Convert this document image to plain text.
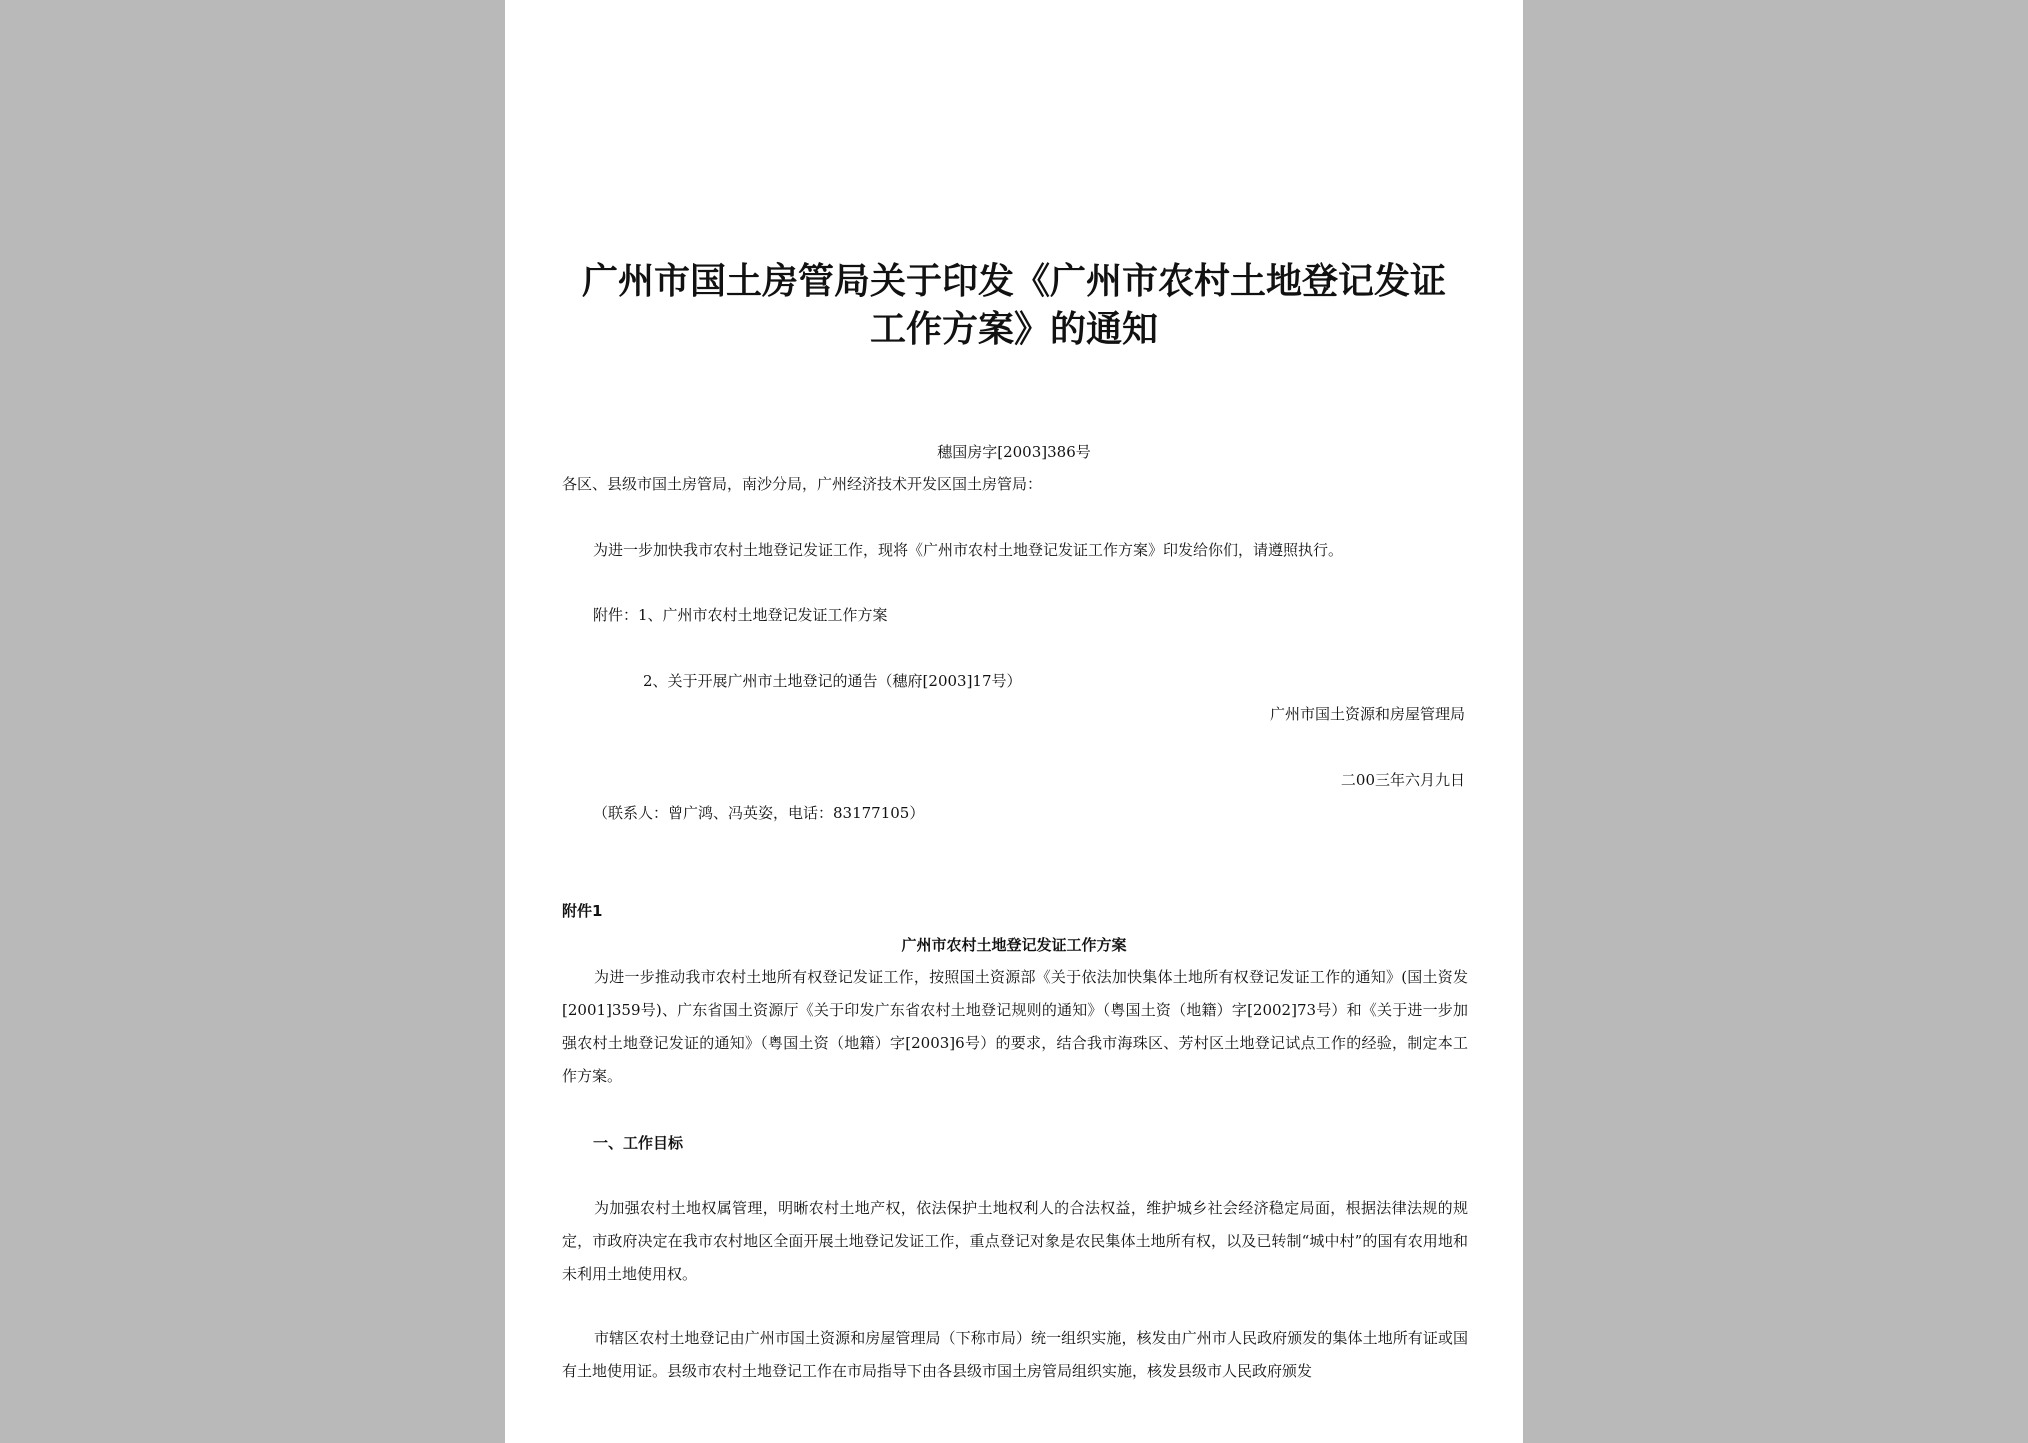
广州市国土房管局关于印发《广州市农村土地登记发证
工作方案》的通知
穗国房字[2003]386号
各区、县级市国土房管局，南沙分局，广州经济技术开发区国土房管局：
为进一步加快我市农村土地登记发证工作，现将《广州市农村土地登记发证工作方案》印发给你们，请遵照执行。
附件：1、广州市农村土地登记发证工作方案
2、关于开展广州市土地登记的通告（穗府[2003]17号）
广州市国土资源和房屋管理局
二00三年六月九日
（联系人：曾广鸿、冯英姿，电话：83177105）
附件1
广州市农村土地登记发证工作方案
为进一步推动我市农村土地所有权登记发证工作，按照国土资源部《关于依法加快集体土地所有权登记发证工作的通知》(国土资发[2001]359号)、广东省国土资源厅《关于印发广东省农村土地登记规则的通知》（粤国土资（地籍）字[2002]73号）和《关于进一步加强农村土地登记发证的通知》（粤国土资（地籍）字[2003]6号）的要求，结合我市海珠区、芳村区土地登记试点工作的经验，制定本工作方案。
一、工作目标
为加强农村土地权属管理，明晰农村土地产权，依法保护土地权利人的合法权益，维护城乡社会经济稳定局面，根据法律法规的规定，市政府决定在我市农村地区全面开展土地登记发证工作，重点登记对象是农民集体土地所有权，以及已转制“城中村”的国有农用地和未利用土地使用权。
市辖区农村土地登记由广州市国土资源和房屋管理局（下称市局）统一组织实施，核发由广州市人民政府颁发的集体土地所有证或国有土地使用证。县级市农村土地登记工作在市局指导下由各县级市国土房管局组织实施，核发县级市人民政府颁发
